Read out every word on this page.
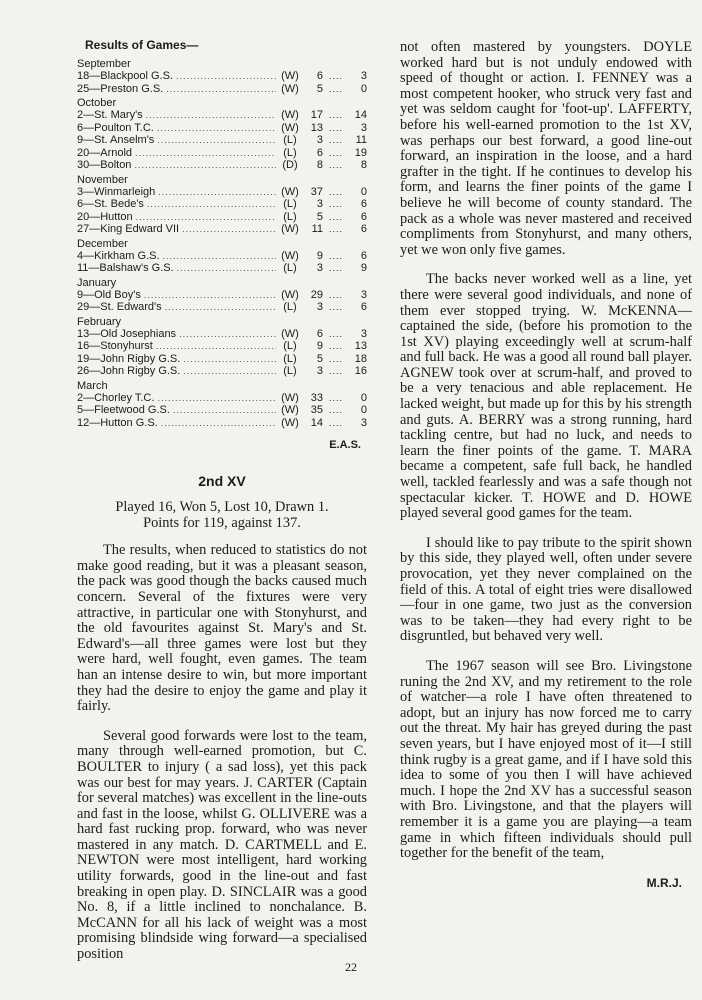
Results of Games—
September
18—Blackpool G.S. .....	(W)	6 ....	3
25—Preston G.S. .....	(W)	5 ....	0
October
2—St. Mary's .....	(W)	17 ....	14
6—Poulton T.C. .....	(W)	13 ....	3
9—St. Anselm's .....	(L)	3 ....	11
20—Arnold .....	(L)	6 ....	19
30—Bolton .....	(D)	8 ....	8
November
3—Winmarleigh .....	(W)	37 ....	0
6—St. Bede's .....	(L)	3 ....	6
20—Hutton .....	(L)	5 ....	6
27—King Edward VII .....	(W)	11 ....	6
December
4—Kirkham G.S. .....	(W)	9 ....	6
11—Balshaw's G.S. .....	(L)	3 ....	9
January
9—Old Boy's .....	(W)	29 ....	3
29—St. Edward's .....	(L)	3 ....	6
February
13—Old Josephians .....	(W)	6 ....	3
16—Stonyhurst .....	(L)	9 ....	13
19—John Rigby G.S. .....	(L)	5 ....	18
26—John Rigby G.S. .....	(L)	3 ....	16
March
2—Chorley T.C. .....	(W)	33 ....	0
5—Fleetwood G.S. .....	(W)	35 ....	0
12—Hutton G.S. .....	(W)	14 ....	3
E.A.S.
2nd XV
Played 16, Won 5, Lost 10, Drawn 1.
Points for 119, against 137.

The results, when reduced to statistics do not make good reading, but it was a pleasant season, the pack was good though the backs caused much concern. Several of the fixtures were very attractive, in particular one with Stonyhurst, and the old favourites against St. Mary's and St. Edward's—all three games were lost but they were hard, well fought, even games. The team han an intense desire to win, but more important they had the desire to enjoy the game and play it fairly.

Several good forwards were lost to the team, many through well-earned promotion, but C. BOULTER to injury ( a sad loss), yet this pack was our best for may years. J. CARTER (Captain for several matches) was excellent in the line-outs and fast in the loose, whilst G. OLLIVERE was a hard fast rucking prop. forward, who was never mastered in any match. D. CARTMELL and E. NEWTON were most intelligent, hard working utility forwards, good in the line-out and fast breaking in open play. D. SINCLAIR was a good No. 8, if a little inclined to nonchalance. B. McCANN for all his lack of weight was a most promising blindside wing forward—a specialised position

not often mastered by youngsters. DOYLE worked hard but is not unduly endowed with speed of thought or action. I. FENNEY was a most competent hooker, who struck very fast and yet was seldom caught for 'foot-up'. LAFFERTY, before his well-earned promotion to the 1st XV, was perhaps our best forward, a good line-out forward, an inspiration in the loose, and a hard grafter in the tight. If he continues to develop his form, and learns the finer points of the game I believe he will become of county standard. The pack as a whole was never mastered and received compliments from Stonyhurst, and many others, yet we won only five games.

The backs never worked well as a line, yet there were several good individuals, and none of them ever stopped trying. W. McKENNA—captained the side, (before his promotion to the 1st XV) playing exceedingly well at scrum-half and full back. He was a good all round ball player. AGNEW took over at scrum-half, and proved to be a very tenacious and able replacement. He lacked weight, but made up for this by his strength and guts. A. BERRY was a strong running, hard tackling centre, but had no luck, and needs to learn the finer points of the game. T. MARA became a competent, safe full back, he handled well, tackled fearlessly and was a safe though not spectacular kicker. T. HOWE and D. HOWE played several good games for the team.

I should like to pay tribute to the spirit shown by this side, they played well, often under severe provocation, yet they never complained on the field of this. A total of eight tries were disallowed—four in one game, two just as the conversion was to be taken—they had every right to be disgruntled, but behaved very well.

The 1967 season will see Bro. Livingstone runing the 2nd XV, and my retirement to the role of watcher—a role I have often threatened to adopt, but an injury has now forced me to carry out the threat. My hair has greyed during the past seven years, but I have enjoyed most of it—I still think rugby is a great game, and if I have sold this idea to some of you then I will have achieved much. I hope the 2nd XV has a successful season with Bro. Livingstone, and that the players will remember it is a game you are playing—a team game in which fifteen individuals should pull together for the benefit of the team,

M.R.J.
22
